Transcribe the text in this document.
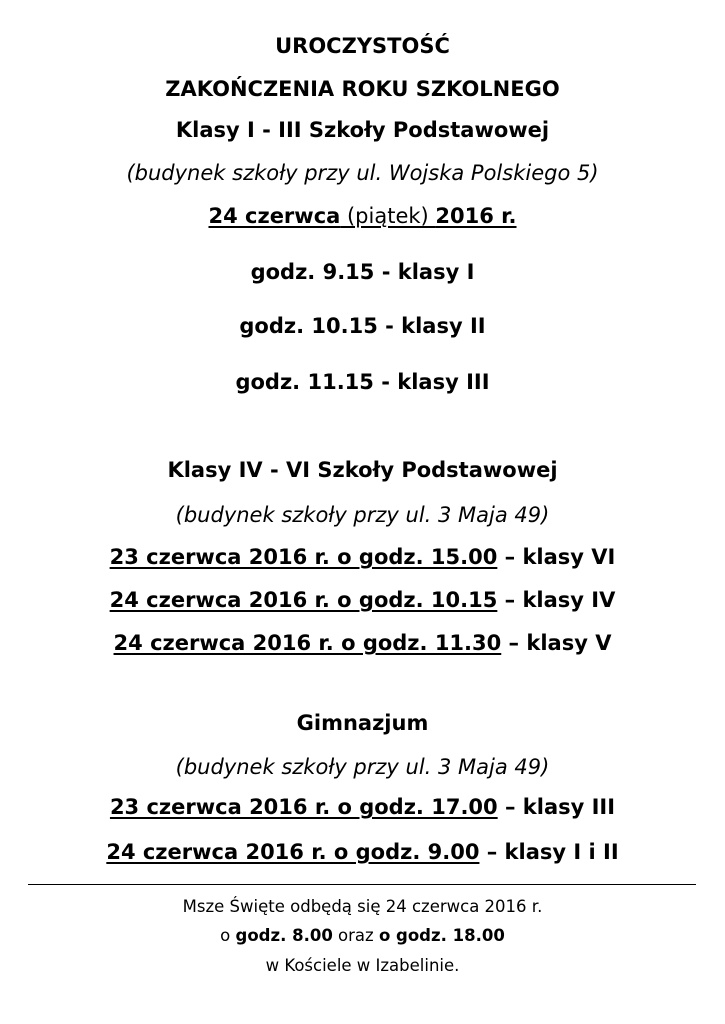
UROCZYSTOŚĆ
ZAKOŃCZENIA ROKU SZKOLNEGO
Klasy I - III Szkoły Podstawowej
(budynek szkoły przy ul. Wojska Polskiego 5)
24 czerwca (piątek) 2016 r.
godz. 9.15 - klasy I
godz. 10.15 - klasy II
godz. 11.15 - klasy III
Klasy IV - VI Szkoły Podstawowej
(budynek szkoły przy ul. 3 Maja 49)
23 czerwca 2016 r. o godz. 15.00 – klasy VI
24 czerwca 2016 r. o godz. 10.15 – klasy IV
24 czerwca 2016 r. o godz. 11.30 – klasy V
Gimnazjum
(budynek szkoły przy ul. 3 Maja 49)
23 czerwca 2016 r. o godz. 17.00 – klasy III
24 czerwca 2016 r. o godz. 9.00 – klasy I i II
Msze Święte odbędą się 24 czerwca 2016 r.
o godz. 8.00 oraz o godz. 18.00
w Kościele w Izabelinie.
